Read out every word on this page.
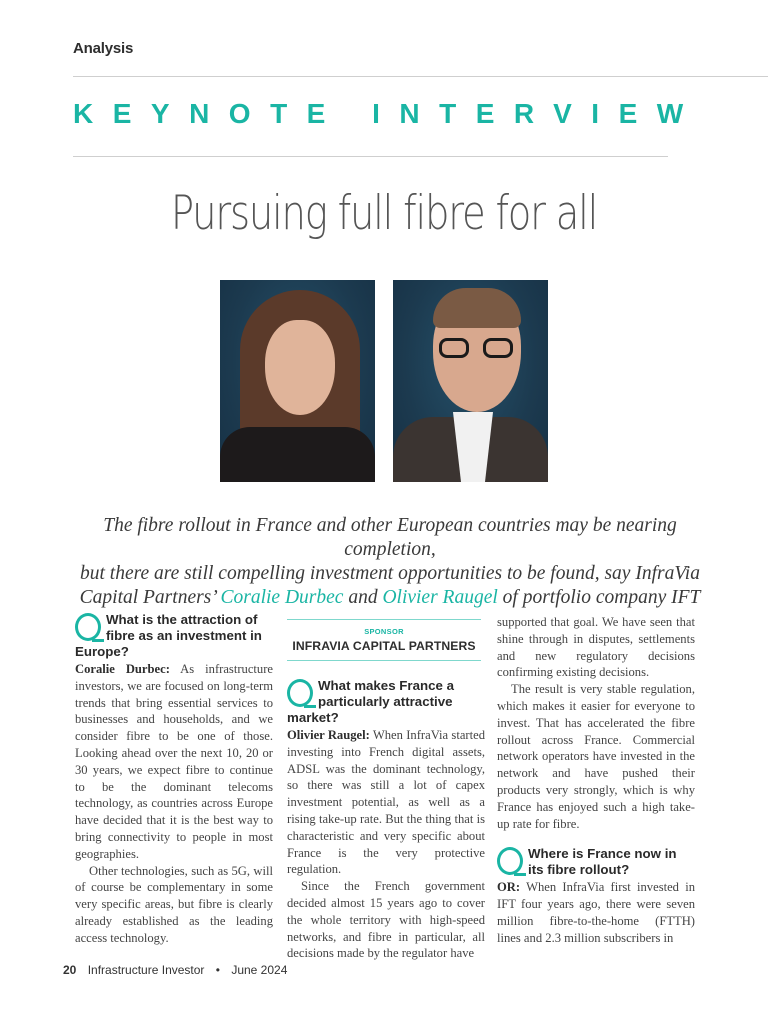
Analysis
KEYNOTE INTERVIEW
Pursuing full fibre for all
The fibre rollout in France and other European countries may be nearing completion,
but there are still compelling investment opportunities to be found, say InfraVia
Capital Partners’ Coralie Durbec and Olivier Raugel of portfolio company IFT
What is the attraction of fibre as an investment in Europe?

Coralie Durbec: As infrastructure investors, we are focused on long-term trends that bring essential services to businesses and households, and we consider fibre to be one of those. Looking ahead over the next 10, 20 or 30 years, we expect fibre to continue to be the dominant telecoms technology, as countries across Europe have decided that it is the best way to bring connectivity to people in most geographies.

Other technologies, such as 5G, will of course be complementary in some very specific areas, but fibre is clearly already established as the leading access technology.

SPONSOR
INFRAVIA CAPITAL PARTNERS
What makes France a particularly attractive market?

Olivier Raugel: When InfraVia started investing into French digital assets, ADSL was the dominant technology, so there was still a lot of capex investment potential, as well as a rising take-up rate. But the thing that is characteristic and very specific about France is the very protective regulation.

Since the French government decided almost 15 years ago to cover the whole territory with high-speed networks, and fibre in particular, all decisions made by the regulator have

supported that goal. We have seen that shine through in disputes, settlements and new regulatory decisions confirming existing decisions.

The result is very stable regulation, which makes it easier for everyone to invest. That has accelerated the fibre rollout across France. Commercial network operators have invested in the network and have pushed their products very strongly, which is why France has enjoyed such a high take-up rate for fibre.

Where is France now in its fibre rollout?

OR: When InfraVia first invested in IFT four years ago, there were seven million fibre-to-the-home (FTTH) lines and 2.3 million subscribers in

20 Infrastructure Investor • June 2024
